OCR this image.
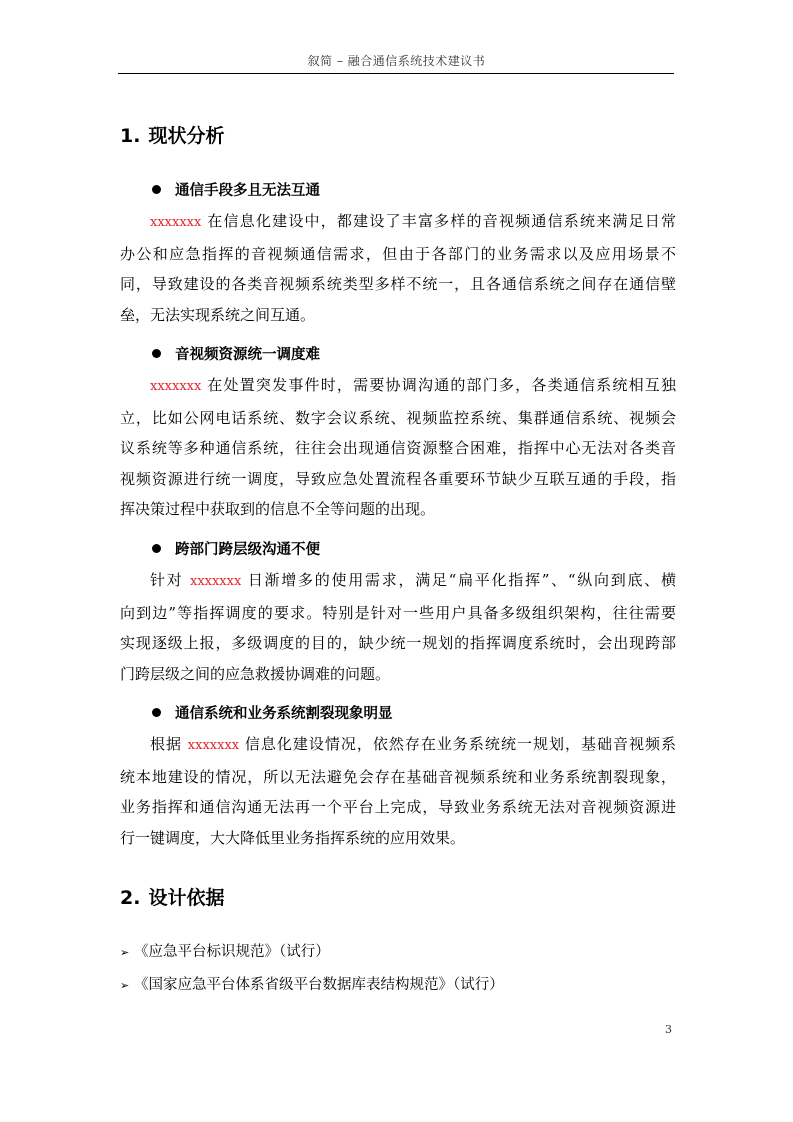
叙简 – 融合通信系统技术建议书
1. 现状分析
通信手段多且无法互通
xxxxxxx 在信息化建设中，都建设了丰富多样的音视频通信系统来满足日常
办公和应急指挥的音视频通信需求，但由于各部门的业务需求以及应用场景不
同，导致建设的各类音视频系统类型多样不统一，且各通信系统之间存在通信壁
垒，无法实现系统之间互通。
音视频资源统一调度难
xxxxxxx 在处置突发事件时，需要协调沟通的部门多，各类通信系统相互独
立，比如公网电话系统、数字会议系统、视频监控系统、集群通信系统、视频会
议系统等多种通信系统，往往会出现通信资源整合困难，指挥中心无法对各类音
视频资源进行统一调度，导致应急处置流程各重要环节缺少互联互通的手段，指
挥决策过程中获取到的信息不全等问题的出现。
跨部门跨层级沟通不便
针对 xxxxxxx 日渐增多的使用需求，满足“扁平化指挥”、“纵向到底、横
向到边”等指挥调度的要求。特别是针对一些用户具备多级组织架构，往往需要
实现逐级上报，多级调度的目的，缺少统一规划的指挥调度系统时，会出现跨部
门跨层级之间的应急救援协调难的问题。
通信系统和业务系统割裂现象明显
根据 xxxxxxx 信息化建设情况，依然存在业务系统统一规划，基础音视频系
统本地建设的情况，所以无法避免会存在基础音视频系统和业务系统割裂现象，
业务指挥和通信沟通无法再一个平台上完成，导致业务系统无法对音视频资源进
行一键调度，大大降低里业务指挥系统的应用效果。
2. 设计依据
➢ 《应急平台标识规范》（试行）
➢ 《国家应急平台体系省级平台数据库表结构规范》（试行）
3
